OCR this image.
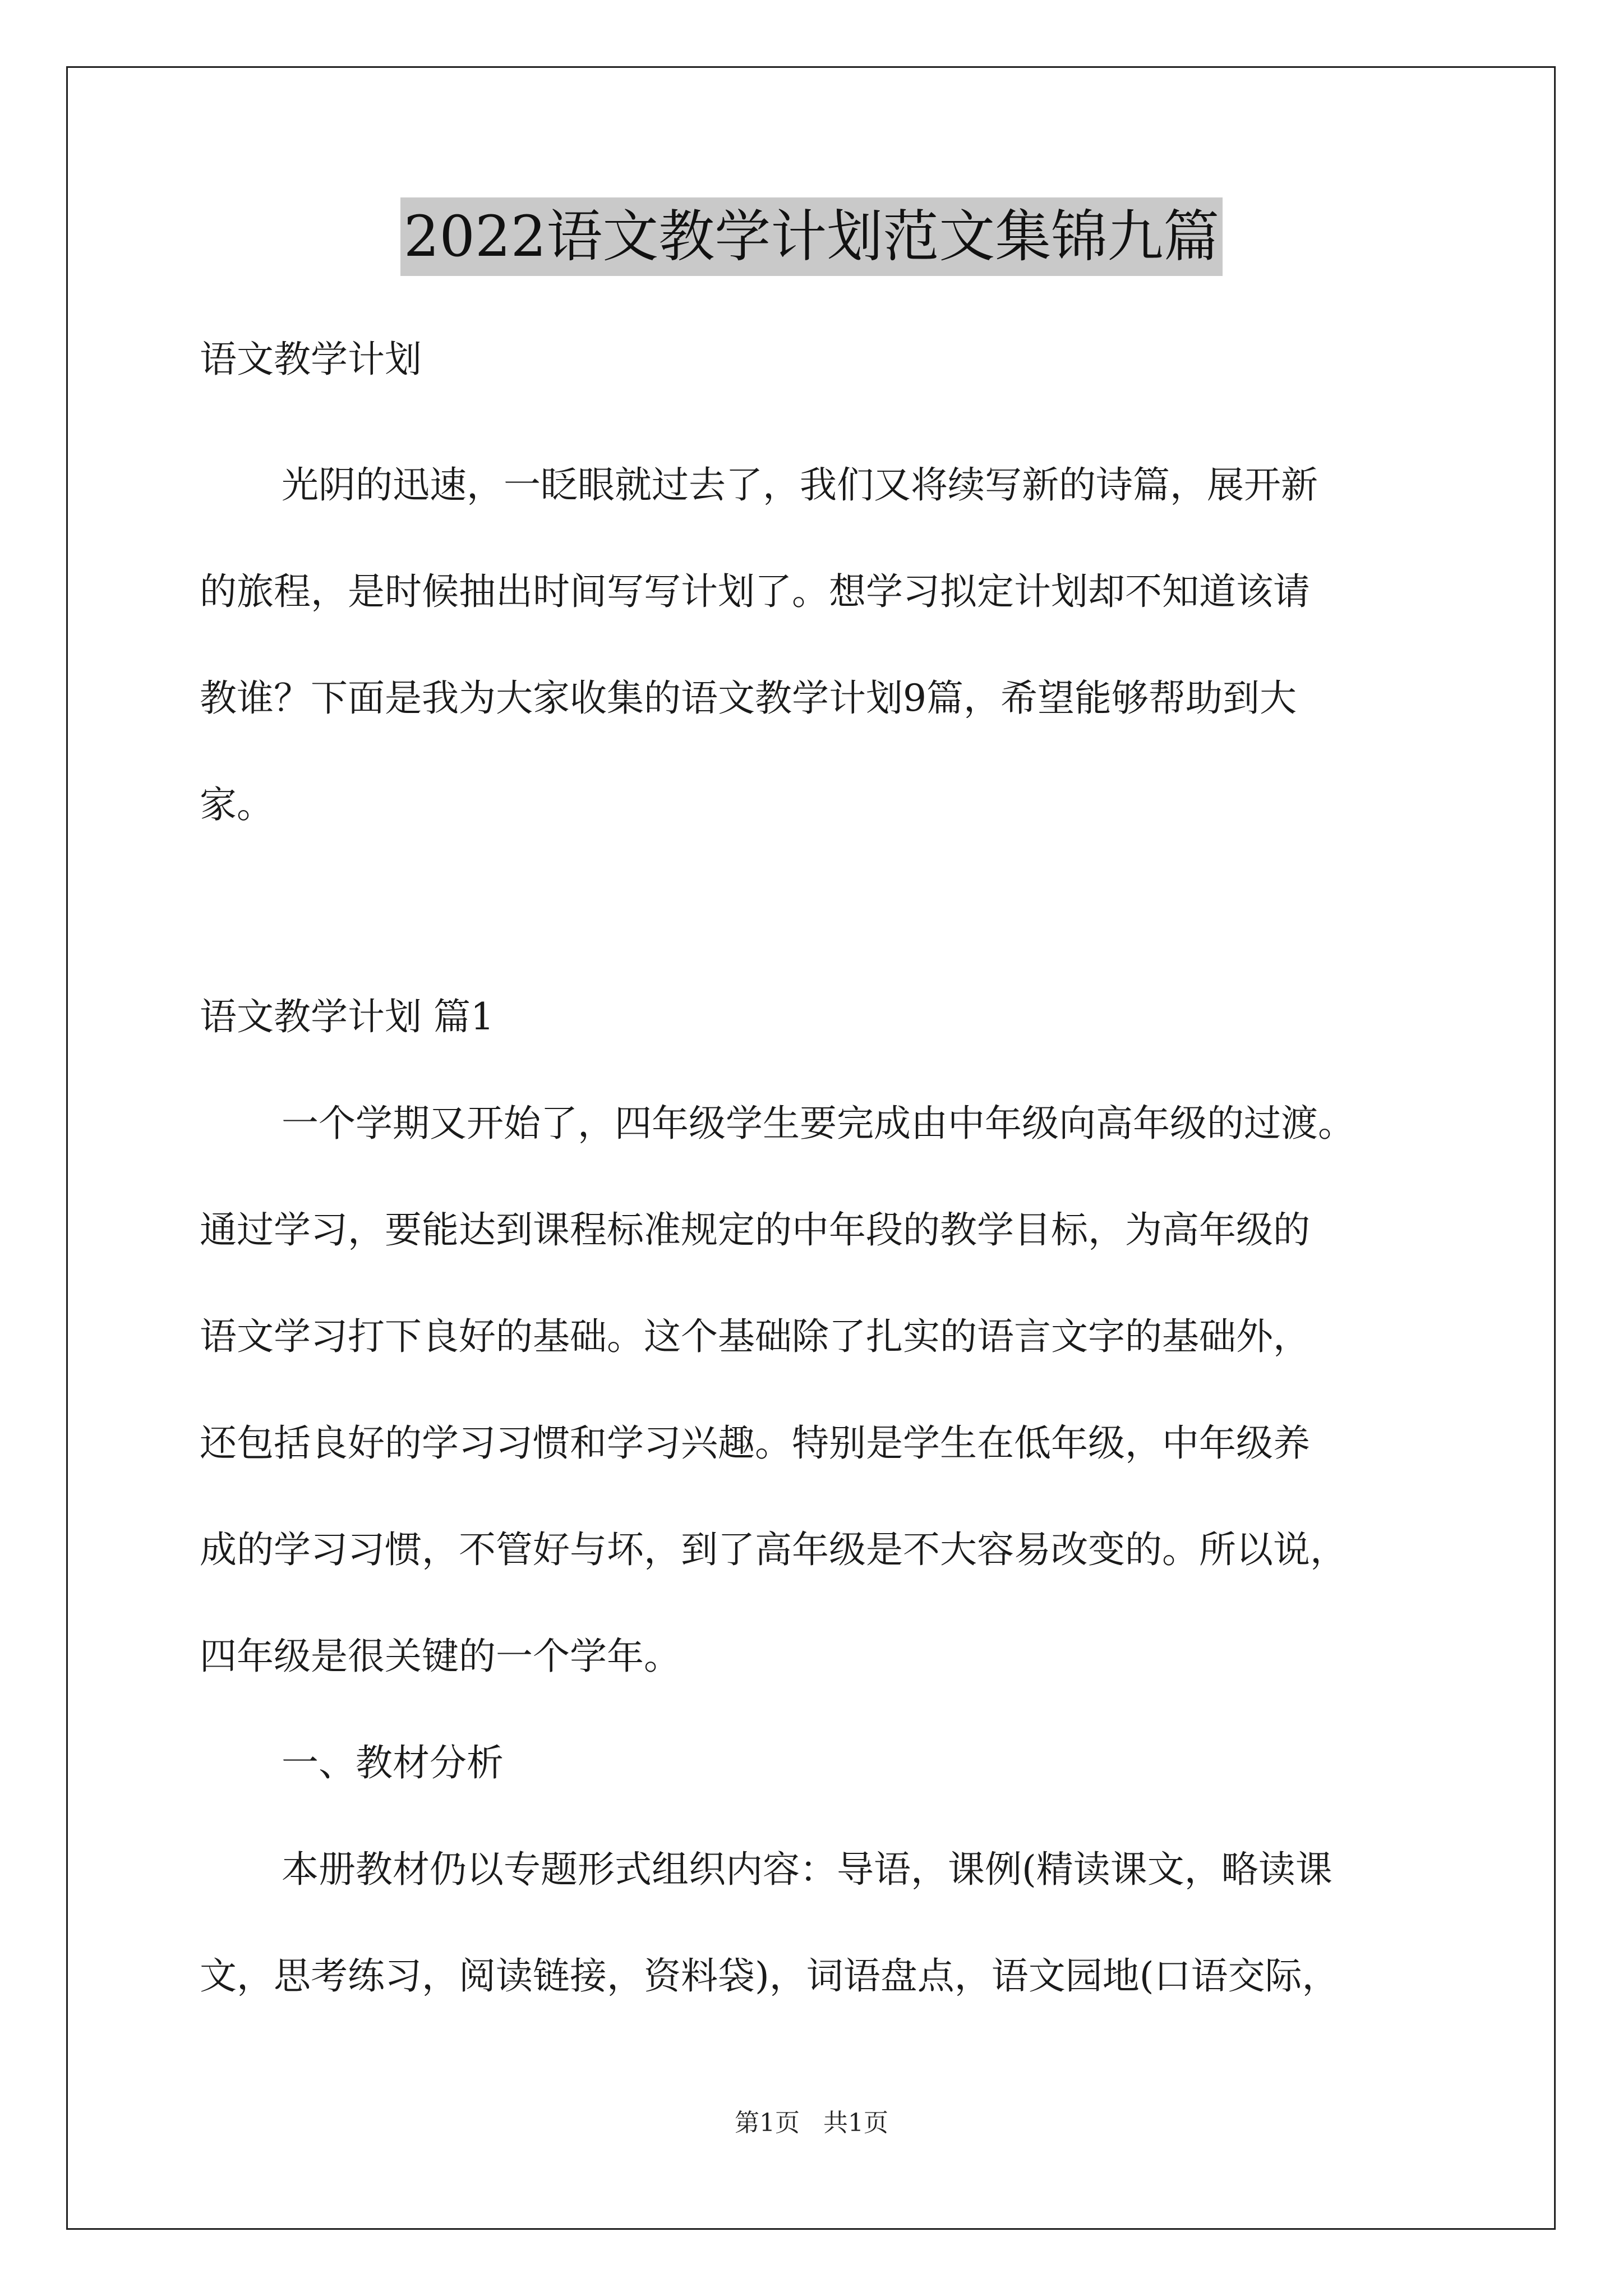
2022语文教学计划范文集锦九篇
语文教学计划
光阴的迅速，一眨眼就过去了，我们又将续写新的诗篇，展开新
的旅程，是时候抽出时间写写计划了。想学习拟定计划却不知道该请
教谁？下面是我为大家收集的语文教学计划9篇，希望能够帮助到大
家。
语文教学计划 篇1
一个学期又开始了，四年级学生要完成由中年级向高年级的过渡。
通过学习，要能达到课程标准规定的中年段的教学目标，为高年级的
语文学习打下良好的基础。这个基础除了扎实的语言文字的基础外，
还包括良好的学习习惯和学习兴趣。特别是学生在低年级，中年级养
成的学习习惯，不管好与坏，到了高年级是不大容易改变的。所以说，
四年级是很关键的一个学年。
一、教材分析
本册教材仍以专题形式组织内容：导语，课例(精读课文，略读课
文，思考练习，阅读链接，资料袋)，词语盘点，语文园地(口语交际，
第1页   共1页
